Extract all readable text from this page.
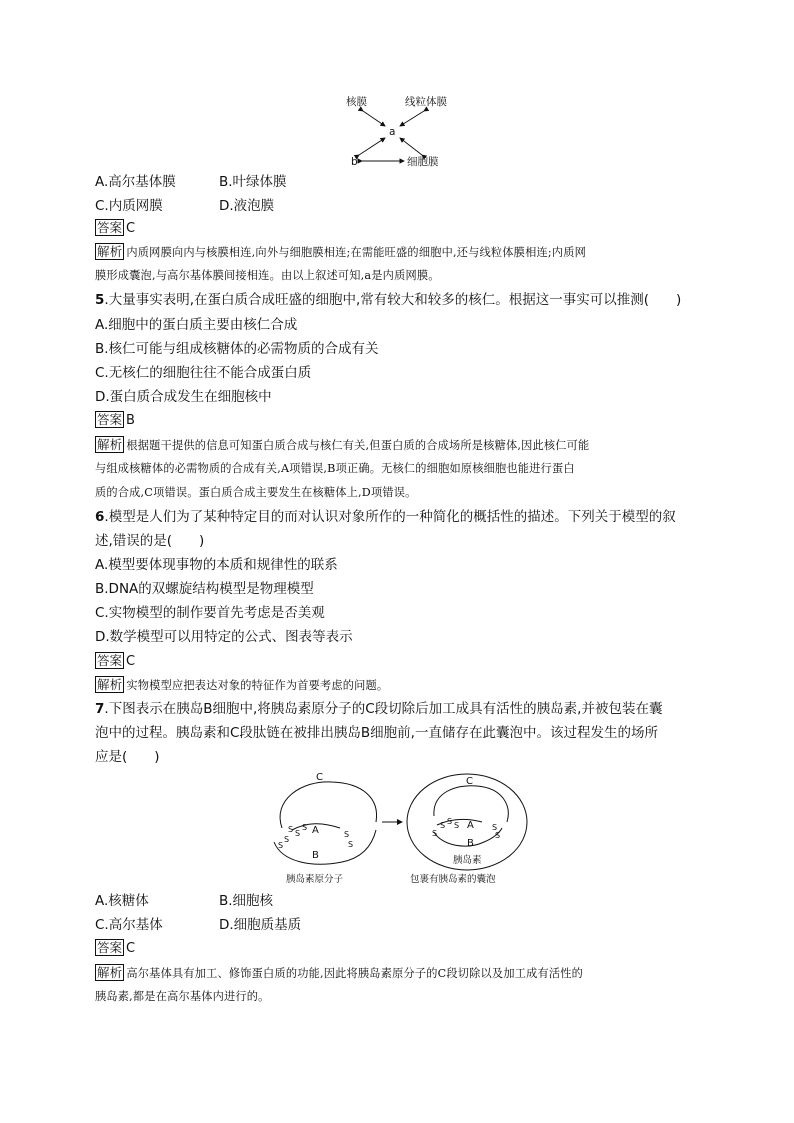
核膜	线粒体膜
a
b	细胞膜
A.高尔基体膜	B.叶绿体膜
C.内质网膜	D.液泡膜
答案 C
解析 内质网膜向内与核膜相连,向外与细胞膜相连;在需能旺盛的细胞中,还与线粒体膜相连;内质网
膜形成囊泡,与高尔基体膜间接相连。由以上叙述可知,a是内质网膜。
5.大量事实表明,在蛋白质合成旺盛的细胞中,常有较大和较多的核仁。根据这一事实可以推测(　　)
A.细胞中的蛋白质主要由核仁合成
B.核仁可能与组成核糖体的必需物质的合成有关
C.无核仁的细胞往往不能合成蛋白质
D.蛋白质合成发生在细胞核中
答案 B
解析 根据题干提供的信息可知蛋白质合成与核仁有关,但蛋白质的合成场所是核糖体,因此核仁可能
与组成核糖体的必需物质的合成有关,A项错误,B项正确。无核仁的细胞如原核细胞也能进行蛋白
质的合成,C项错误。蛋白质合成主要发生在核糖体上,D项错误。
6.模型是人们为了某种特定目的而对认识对象所作的一种简化的概括性的描述。下列关于模型的叙
述,错误的是(　　)
A.模型要体现事物的本质和规律性的联系
B.DNA的双螺旋结构模型是物理模型
C.实物模型的制作要首先考虑是否美观
D.数学模型可以用特定的公式、图表等表示
答案 C
解析 实物模型应把表达对象的特征作为首要考虑的问题。
7.下图表示在胰岛B细胞中,将胰岛素原分子的C段切除后加工成具有活性的胰岛素,并被包装在囊
泡中的过程。胰岛素和C段肽链在被排出胰岛B细胞前,一直储存在此囊泡中。该过程发生的场所
应是(　　)
C
A
B
S S
S
S
S
S
S
胰岛素原分子
C
A
B
S S S
S
S
S
胰岛素
包裹有胰岛素的囊泡
A.核糖体	B.细胞核
C.高尔基体	D.细胞质基质
答案 C
解析 高尔基体具有加工、修饰蛋白质的功能,因此将胰岛素原分子的C段切除以及加工成有活性的
胰岛素,都是在高尔基体内进行的。
